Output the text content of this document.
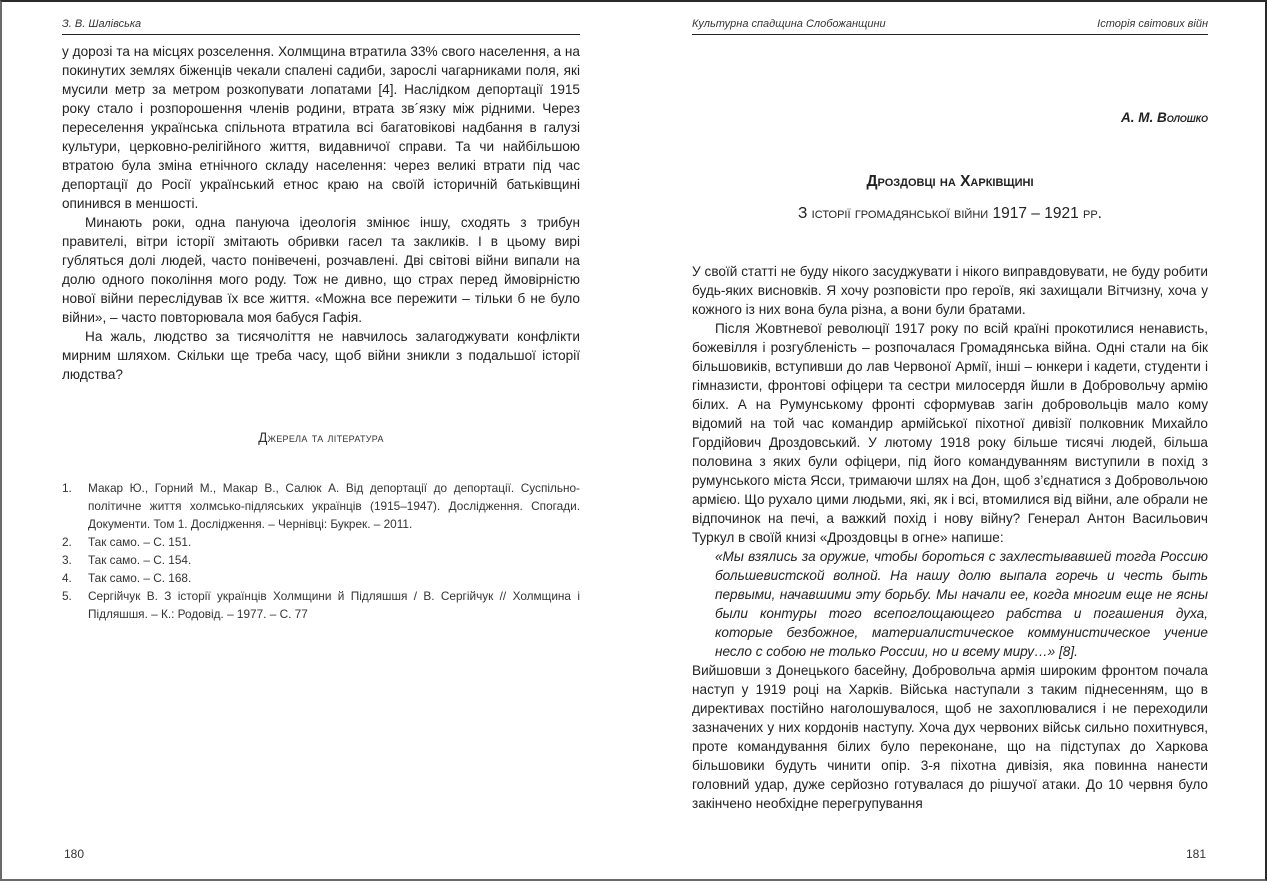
З. В. Шалівська

у дорозі та на місцях розселення. Холмщина втратила 33% свого населення, а на покинутих землях біженців чекали спалені садиби, зарослі чагарниками поля, які мусили метр за метром розкопувати лопатами [4]. Наслідком депортації 1915 року стало і розпорошення членів родини, втрата зв´язку між рідними. Через переселення українська спільнота втратила всі багатовікові надбання в галузі культури, церковно-релігійного життя, видавничої справи. Та чи найбільшою втратою була зміна етнічного складу населення: через великі втрати під час депортації до Росії український етнос краю на своїй історичній батьківщині опинився в меншості.

Минають роки, одна пануюча ідеологія змінює іншу, сходять з трибун правителі, вітри історії змітають обривки гасел та закликів. І в цьому вирі губляться долі людей, часто понівечені, розчавлені. Дві світові війни випали на долю одного покоління мого роду. Тож не дивно, що страх перед ймовірністю нової війни переслідував їх все життя. «Можна все пережити – тільки б не було війни», – часто повторювала моя бабуся Гафія.

На жаль, людство за тисячоліття не навчилось залагоджувати конфлікти мирним шляхом. Скільки ще треба часу, щоб війни зникли з подальшої історії людства?

Джерела та література
1.	Макар Ю., Горний М., Макар В., Салюк А. Від депортації до депортації. Суспільно-політичне життя холмсько-підляських українців (1915–1947). Дослідження. Спогади. Документи. Том 1. Дослідження. – Чернівці: Букрек. – 2011.
2.	Так само. – С. 151.
3.	Так само. – С. 154.
4.	Так само. – С. 168.
5.	Сергійчук В. З історії українців Холмщини й Підляшшя / В. Сергійчук // Холмщина і Підляшшя. – К.: Родовід. – 1977. – С. 77
180
Культурна спадщина Слобожанщини	Історія світових війн
А. М. Волошко
Дроздовці на Харківщині
З історії громадянської війни 1917 – 1921 рр.

У своїй статті не буду нікого засуджувати і нікого виправдовувати, не буду робити будь-яких висновків. Я хочу розповісти про героїв, які захищали Вітчизну, хоча у кожного із них вона була різна, а вони були братами.

Після Жовтневої революції 1917 року по всій країні прокотилися ненависть, божевілля і розгубленість – розпочалася Громадянська війна. Одні стали на бік більшовиків, вступивши до лав Червоної Армії, інші – юнкери і кадети, студенти і гімназисти, фронтові офіцери та сестри милосердя йшли в Добровольчу армію білих. А на Румунському фронті сформував загін добровольців мало кому відомий на той час командир армійської піхотної дивізії полковник Михайло Гордійович Дроздовський. У лютому 1918 року більше тисячі людей, більша половина з яких були офіцери, під його командуванням виступили в похід з румунського міста Ясси, тримаючи шлях на Дон, щоб з’єднатися з Добровольчою армією. Що рухало цими людьми, які, як і всі, втомилися від війни, але обрали не відпочинок на печі, а важкий похід і нову війну? Генерал Антон Васильович Туркул в своїй книзі «Дроздовцы в огне» напише:

«Мы взялись за оружие, чтобы бороться с захлестывавшей тогда Россию большевистской волной. На нашу долю выпала горечь и честь быть первыми, начавшими эту борьбу. Мы начали ее, когда многим еще не ясны были контуры того всепоглощающего рабства и погашения духа, которые безбожное, материалистическое коммунистическое учение несло с собою не только России, но и всему миру…» [8].

Вийшовши з Донецького басейну, Добровольча армія широким фронтом почала наступ у 1919 році на Харків. Війська наступали з таким піднесенням, що в директивах постійно наголошувалося, щоб не захоплювалися і не переходили зазначених у них кордонів наступу. Хоча дух червоних військ сильно похитнувся, проте командування білих було переконане, що на підступах до Харкова більшовики будуть чинити опір. 3-я піхотна дивізія, яка повинна нанести головний удар, дуже серйозно готувалася до рішучої атаки. До 10 червня було закінчено необхідне перегрупування

181
